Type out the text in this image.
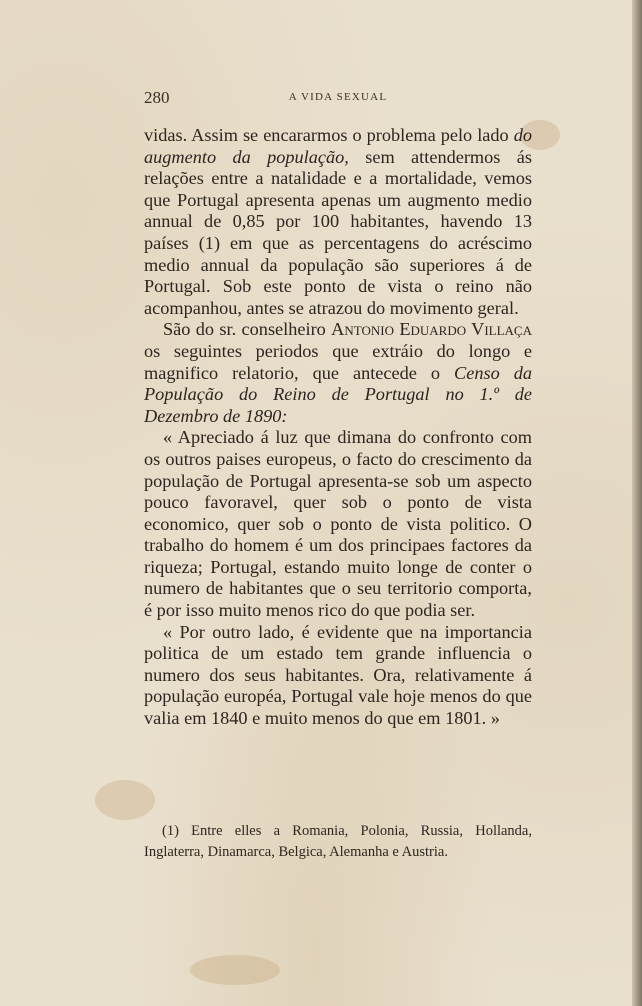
280	A VIDA SEXUAL

vidas. Assim se encararmos o problema pelo lado do augmento da população, sem attendermos ás relações entre a natalidade e a mortalidade, vemos que Portugal apresenta apenas um augmento medio annual de 0,85 por 100 habitantes, havendo 13 países (1) em que as percentagens do acréscimo medio annual da população são superiores á de Portugal. Sob este ponto de vista o reino não acompanhou, antes se atrazou do movimento geral.

São do sr. conselheiro Antonio Eduardo Villaça os seguintes periodos que extráio do longo e magnifico relatorio, que antecede o Censo da População do Reino de Portugal no 1.º de Dezembro de 1890:

« Apreciado á luz que dimana do confronto com os outros paises europeus, o facto do crescimento da população de Portugal apresenta-se sob um aspecto pouco favoravel, quer sob o ponto de vista economico, quer sob o ponto de vista politico. O trabalho do homem é um dos principaes factores da riqueza; Portugal, estando muito longe de conter o numero de habitantes que o seu territorio comporta, é por isso muito menos rico do que podia ser.

« Por outro lado, é evidente que na importancia politica de um estado tem grande influencia o numero dos seus habitantes. Ora, relativamente á população européa, Portugal vale hoje menos do que valia em 1840 e muito menos do que em 1801. »

(1) Entre elles a Romania, Polonia, Russia, Hollanda,

Inglaterra, Dinamarca, Belgica, Alemanha e Austria.
